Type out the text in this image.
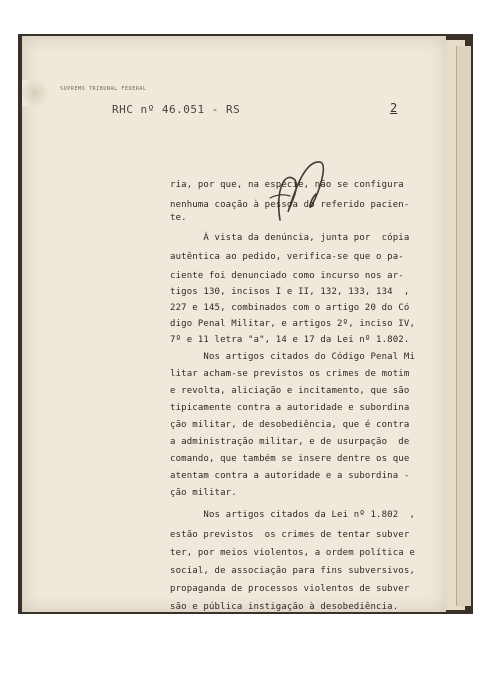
SUPREMO TRIBUNAL FEDERAL
RHC nº 46.051 - RS	2
ria, por que, na espécie, não se configura
nenhuma coação à pessoa do referido pacien-
te.
À vista da denúncia, junta por  cópia
autêntica ao pedido, verifica-se que o pa-
ciente foi denunciado como incurso nos ar-
tigos 130, incisos I e II, 132, 133, 134  ,
227 e 145, combinados com o artigo 20 do Có
digo Penal Militar, e artigos 2º, inciso IV,
7º e 11 letra "a", 14 e 17 da Lei nº 1.802.
Nos artigos citados do Código Penal Mi
litar acham-se previstos os crimes de motim
e revolta, aliciação e incitamento, que são
tipicamente contra a autoridade e subordina
ção militar, de desobediência, que é contra
a administração militar, e de usurpação  de
comando, que também se insere dentre os que
atentam contra a autoridade e a subordina -
ção militar.
Nos artigos citados da Lei nº 1.802  ,
estão previstos  os crimes de tentar subver
ter, por meios violentos, a ordem política e
social, de associação para fins subversivos,
propaganda de processos violentos de subver
são e pública instigação à desobediência.
